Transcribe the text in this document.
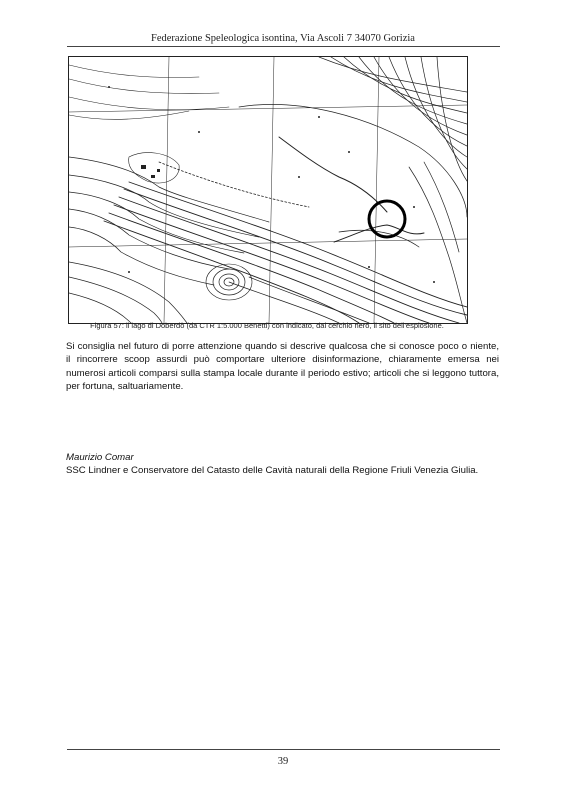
Federazione Speleologica isontina, Via Ascoli 7 34070 Gorizia
Figura 57: il lago di Doberdò (da CTR 1:5.000 Benetti) con indicato, dal cerchio nero, il sito dell'esplosione.

Si consiglia nel futuro di porre attenzione quando si descrive qualcosa che si conosce poco o niente, il rincorrere scoop assurdi può comportare ulteriore disinformazione, chiaramente emersa nei numerosi articoli comparsi sulla stampa locale durante il periodo estivo; articoli che si leggono tuttora, per fortuna, saltuariamente.

Maurizio Comar
SSC Lindner e Conservatore del Catasto delle Cavità naturali della Regione Friuli Venezia Giulia.
39
